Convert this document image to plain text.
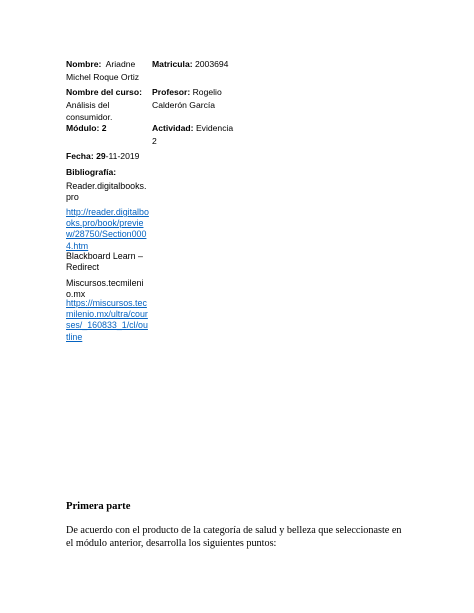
Nombre: Ariadne Michel Roque Ortiz
Matricula: 2003694
Nombre del curso: Análisis del consumidor.
Profesor: Rogelio Calderón García
Módulo: 2	Actividad: Evidencia 2
Fecha: 29-11-2019
Bibliografía:
Reader.digitalbooks.pro
http://reader.digitalbooks.pro/book/preview/28750/Section0004.htm
Blackboard Learn – Redirect
Miscursos.tecmilenio.mx
https://miscursos.tecmilenio.mx/ultra/courses/_160833_1/cl/outline
Primera parte
De acuerdo con el producto de la categoría de salud y belleza que seleccionaste en el módulo anterior, desarrolla los siguientes puntos:
